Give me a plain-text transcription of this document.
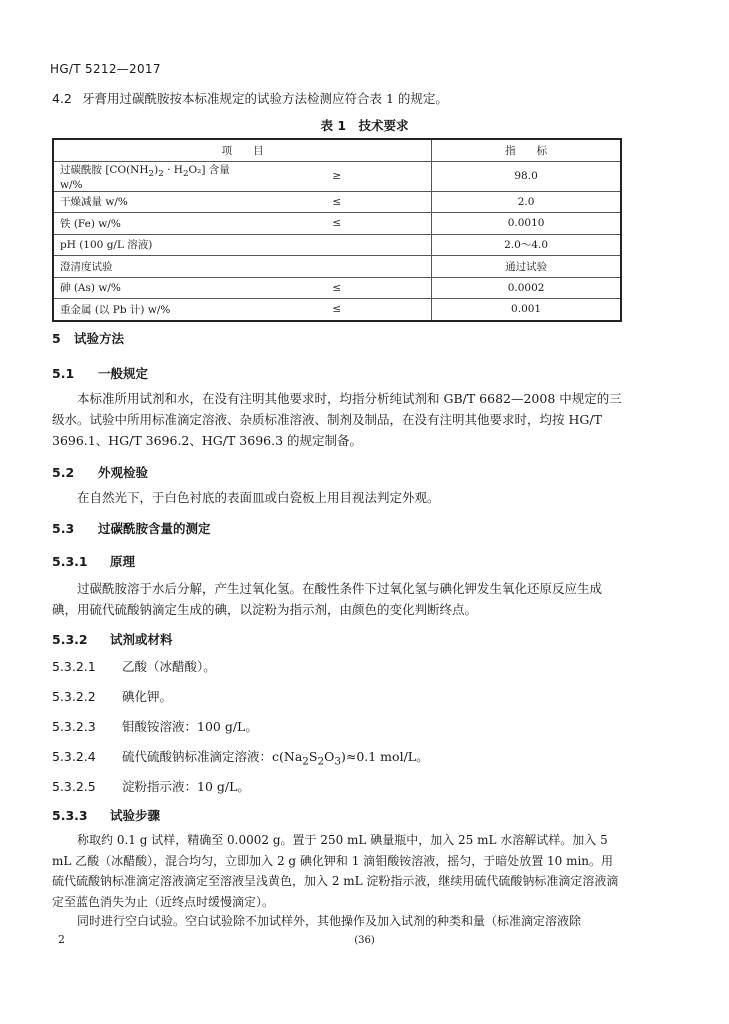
HG/T 5212—2017
4.2 牙膏用过碳酰胺按本标准规定的试验方法检测应符合表 1 的规定。
表 1　技术要求
项　　目		指　　标
过碳酰胺 $[CO(NH_2)_2 \cdot H_2O_2]$ 含量 w/%	≥	98.0
干燥减量 w/%	≤	2.0
铁 (Fe) w/%	≤	0.0010
pH (100 g/L 溶液)		2.0～4.0
澄清度试验		通过试验
砷 (As) w/%	≤	0.0002
重金属 (以 Pb 计) w/%	≤	0.001
5 试验方法
5.1 一般规定
本标准所用试剂和水，在没有注明其他要求时，均指分析纯试剂和 GB/T 6682—2008 中规定的三级水。试验中所用标准滴定溶液、杂质标准溶液、制剂及制品，在没有注明其他要求时，均按 HG/T 3696.1、HG/T 3696.2、HG/T 3696.3 的规定制备。
5.2 外观检验
在自然光下，于白色衬底的表面皿或白瓷板上用目视法判定外观。
5.3 过碳酰胺含量的测定
5.3.1 原理
过碳酰胺溶于水后分解，产生过氧化氢。在酸性条件下过氧化氢与碘化钾发生氧化还原反应生成碘，用硫代硫酸钠滴定生成的碘，以淀粉为指示剂，由颜色的变化判断终点。
5.3.2 试剂或材料
5.3.2.1 乙酸（冰醋酸）。
5.3.2.2 碘化钾。
5.3.2.3 钼酸铵溶液：100 g/L。
5.3.2.4 硫代硫酸钠标准滴定溶液：$c(Na_2S_2O_3)\approx 0.1$ mol/L。
5.3.2.5 淀粉指示液：10 g/L。
5.3.3 试验步骤
称取约 0.1 g 试样，精确至 0.0002 g。置于 250 mL 碘量瓶中，加入 25 mL 水溶解试样。加入 5 mL 乙酸（冰醋酸），混合均匀，立即加入 2 g 碘化钾和 1 滴钼酸铵溶液，摇匀，于暗处放置 10 min。用硫代硫酸钠标准滴定溶液滴定至溶液呈浅黄色，加入 2 mL 淀粉指示液，继续用硫代硫酸钠标准滴定溶液滴定至蓝色消失为止（近终点时缓慢滴定）。
同时进行空白试验。空白试验除不加试样外，其他操作及加入试剂的种类和量（标准滴定溶液除
2	(36)
